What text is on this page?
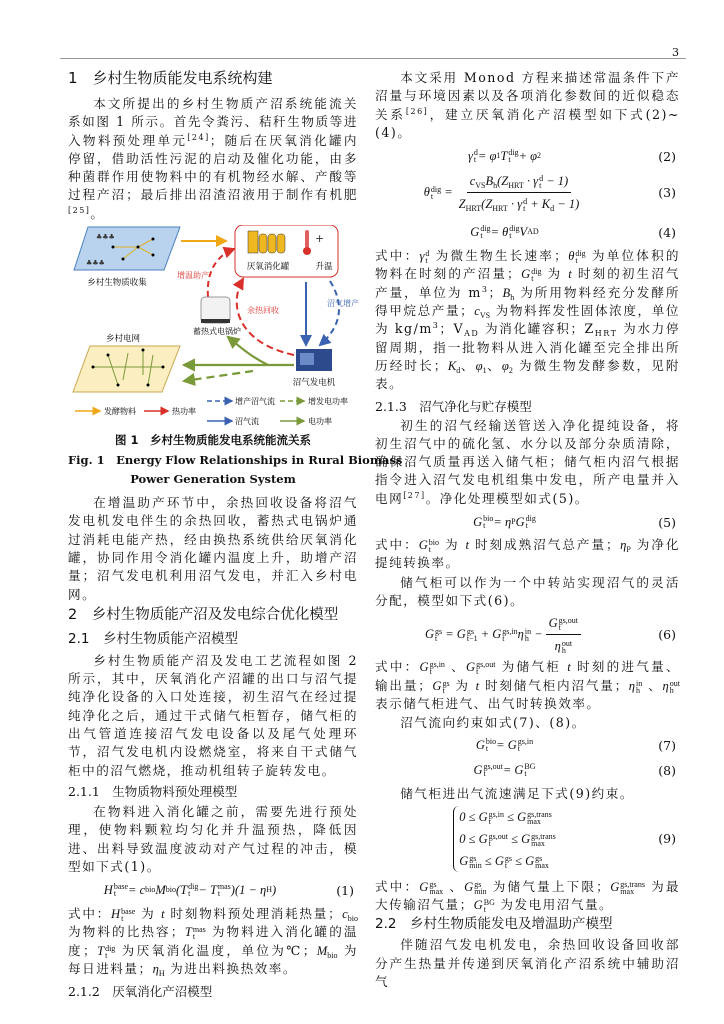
3
1　乡村生物质能发电系统构建
本文所提出的乡村生物质产沼系统能流关系如图 1 所示。首先令粪污、秸秆生物质等进入物料预处理单元[24]；随后在厌氧消化罐内停留，借助活性污泥的启动及催化功能，由多种菌群作用使物料中的有机物经水解、产酸等过程产沼；最后排出沼渣沼液用于制作有机肥[25]。
♣♣♣
♣♣♣
乡村生物质收集
+
厌氧消化罐	升温
增温助产
余热回收
沼气增产
蓄热式电锅炉
乡村电网
沼气发电机
增产沼气流	增发电功率
发酵物料	热功率
沼气流	电功率
图 1　乡村生物质能发电系统能流关系
Fig. 1　Energy Flow Relationships in Rural Biomass
Power Generation System
在增温助产环节中，余热回收设备将沼气发电机发电伴生的余热回收，蓄热式电锅炉通过消耗电能产热，经由换热系统供给厌氧消化罐，协同作用令消化罐内温度上升，助增产沼量；沼气发电机利用沼气发电，并汇入乡村电网。
2　乡村生物质能产沼及发电综合优化模型
2.1　乡村生物质能产沼模型
乡村生物质能产沼及发电工艺流程如图 2 所示，其中，厌氧消化产沼罐的出口与沼气提纯净化设备的入口处连接，初生沼气在经过提纯净化之后，通过干式储气柜暂存，储气柜的出气管道连接沼气发电设备以及尾气处理环节，沼气发电机内设燃烧室，将来自干式储气柜中的沼气燃烧，推动机组转子旋转发电。
2.1.1　生物质物料预处理模型
在物料进入消化罐之前，需要先进行预处理，使物料颗粒均匀化并升温预热，降低因进、出料导致温度波动对产气过程的冲击，模型如下式(1)。
H base
t = c bio M bio (T dig
t − T mas
t )(1 − η H )	(1)
式中：H base
t 为 t 时刻物料预处理消耗热量；$c_{bio}$ 为物料的比热容；T mas
t 为物料进入消化罐的温度；T dig
t 为厌氧消化温度，单位为℃；$M_{bio}$ 为每日进料量；$\eta_H$ 为进出料换热效率。
2.1.2　厌氧消化产沼模型
本文采用 Monod 方程来描述常温条件下产沼量与环境因素以及各项消化参数间的近似稳态关系[26]，建立厌氧消化产沼模型如下式(2)~(4)。
γ d
t = φ 1 T dig
t + φ 2	(2)
θ dig
$t = c_{VS}B_h(Z_{HRT} \cdot \gamma$ d
t − 1)
$Z_{HRT}(Z_{HRT} \cdot \gamma$ d
$t + K_d - 1$)	(3)
G dig
t = θ dig
t V AD	(4)
式中：γ d
t 为微生物生长速率；θ dig
t 为单位体积的物料在时刻的产沼量；G dig
t 为 t 时刻的初生沼气产量，单位为 $m^3$；$B_h$ 为所用物料经充分发酵所得甲烷总产量；$c_{VS}$ 为物料挥发性固体浓度，单位为 $kg/m^3$；$V_{AD}$ 为消化罐容积；$Z_{HRT}$ 为水力停留周期，指一批物料从进入消化罐至完全排出所历经时长；$K_d$、$\varphi_1$、$\varphi_2$ 为微生物发酵参数，见附表。
2.1.3　沼气净化与贮存模型
初生的沼气经输送管送入净化提纯设备，将初生沼气中的硫化氢、水分以及部分杂质清除，确保沼气质量再送入储气柜；储气柜内沼气根据指令进入沼气发电机组集中发电，所产电量并入电网[27]。净化处理模型如式(5)。
G bio
t = η P G dig
t	(5)
式中：G bio
t 为 t 时刻成熟沼气总产量；$\eta_P$ 为净化提纯转换率。
储气柜可以作为一个中转站实现沼气的灵活分配，模型如下式(6)。
G gs
t = G gs
t−1 + G gs,in
t	η in
h − G gs,out
t
η out
h	(6)
式中：G gs,in
t	、G gs,out
t	为储气柜 t 时刻的进气量、输出量；G gs
t 为 t 时刻储气柜内沼气量；η in
h 、η out
h
表示储气柜进气、出气时转换效率。
沼气流向约束如式(7)、(8)。
G bio
t = G gs,in
t	(7)
G gs,out
t	= G BG
t	(8)
储气柜进出气流速满足下式(9)约束。
0 ≤ G gs,in
t	≤ G gs,trans
max
0 ≤ G gs,out
t	≤ G gs,trans
max
G gs
min ≤ G gs
t ≤ G gs
max
(9)
式中：G gs
max 、G gs
min 为储气量上下限；G gs,trans
max 为最大传输沼气量；G BG
t 为发电用沼气量。
2.2　乡村生物质能发电及增温助产模型
伴随沼气发电机发电，余热回收设备回收部分产生热量并传递到厌氧消化产沼系统中辅助沼气
